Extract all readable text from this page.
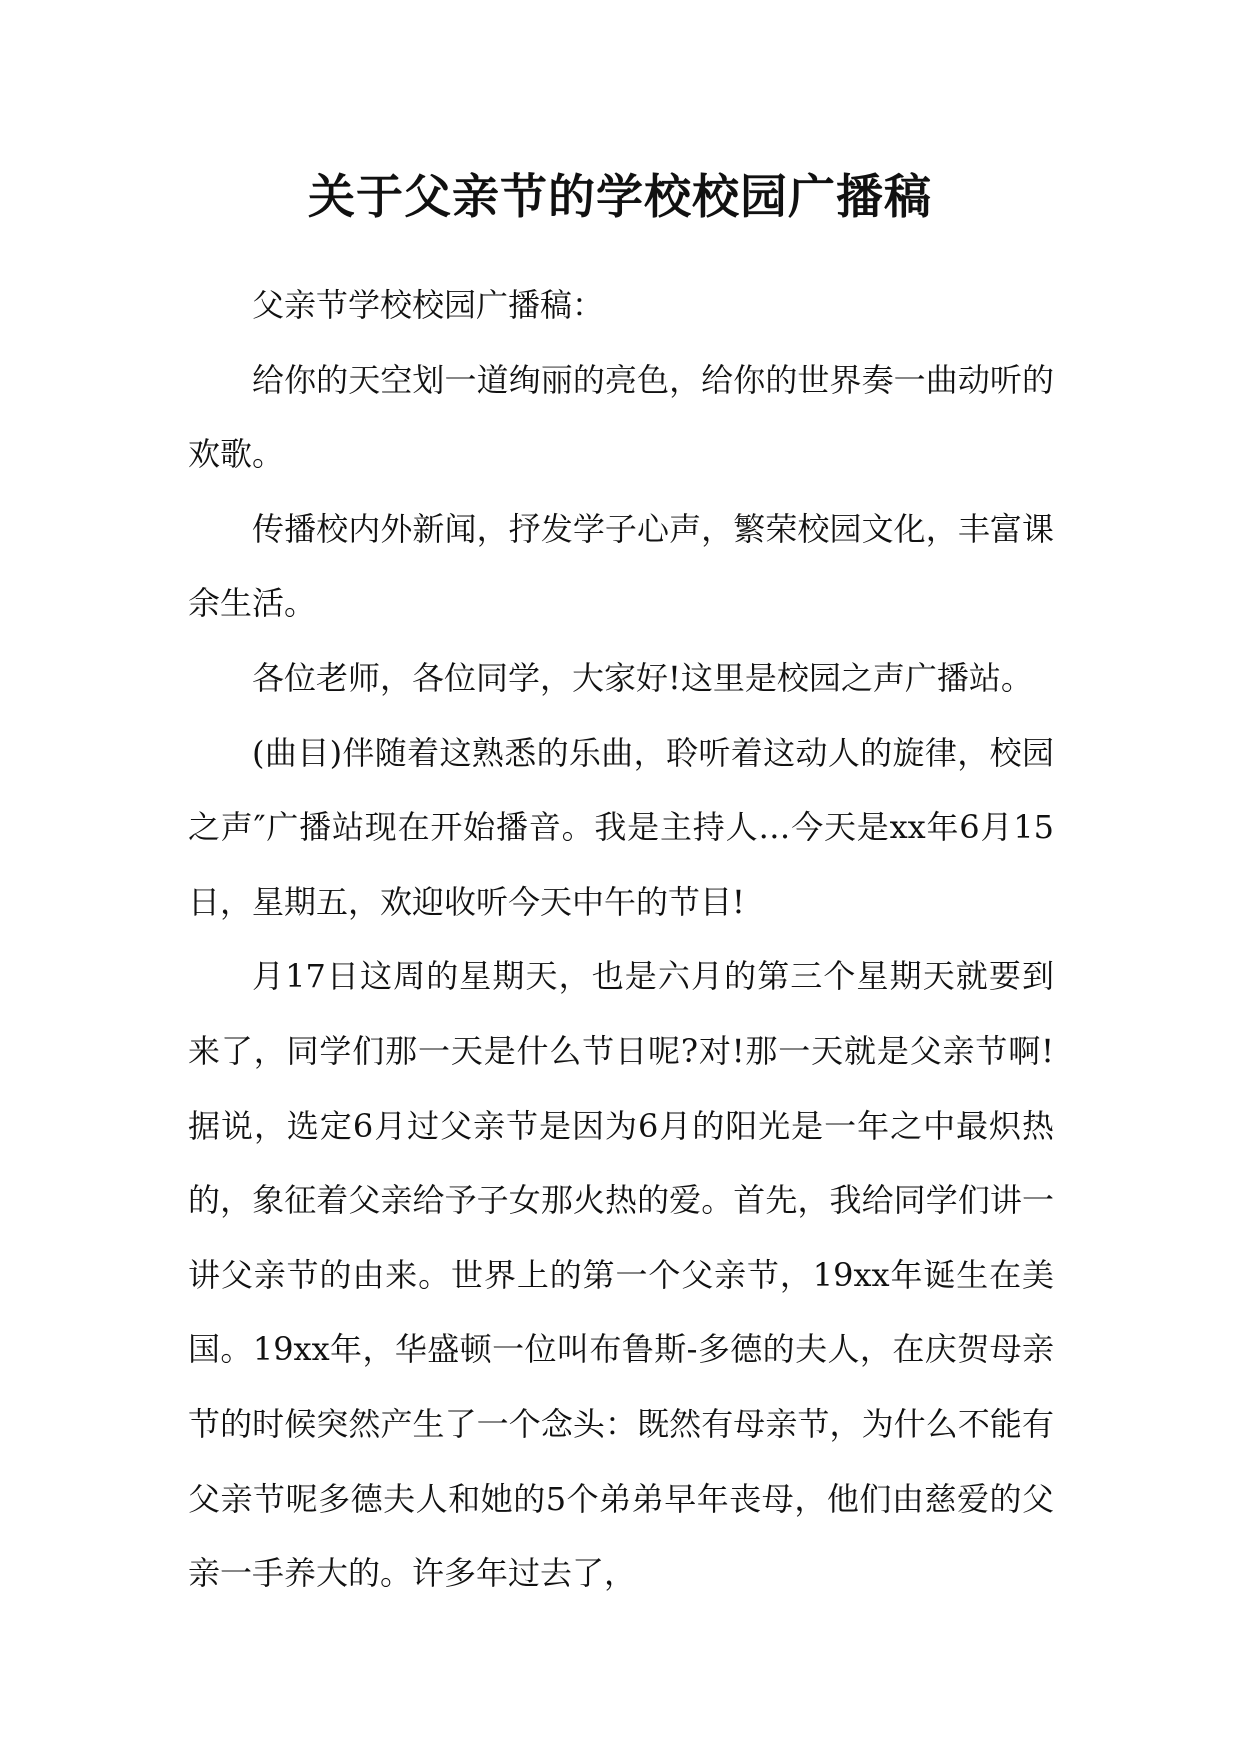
关于父亲节的学校校园广播稿

父亲节学校校园广播稿：

给你的天空划一道绚丽的亮色，给你的世界奏一曲动听的欢歌。

传播校内外新闻，抒发学子心声，繁荣校园文化，丰富课余生活。

各位老师，各位同学，大家好!这里是校园之声广播站。

(曲目)伴随着这熟悉的乐曲，聆听着这动人的旋律，校园之声″广播站现在开始播音。我是主持人…今天是xx年6月15日，星期五，欢迎收听今天中午的节目!

月17日这周的星期天，也是六月的第三个星期天就要到来了，同学们那一天是什么节日呢?对!那一天就是父亲节啊!据说，选定6月过父亲节是因为6月的阳光是一年之中最炽热的，象征着父亲给予子女那火热的爱。首先，我给同学们讲一讲父亲节的由来。世界上的第一个父亲节，19xx年诞生在美国。19xx年，华盛顿一位叫布鲁斯-多德的夫人，在庆贺母亲节的时候突然产生了一个念头：既然有母亲节，为什么不能有父亲节呢多德夫人和她的5个弟弟早年丧母，他们由慈爱的父亲一手养大的。许多年过去了，
